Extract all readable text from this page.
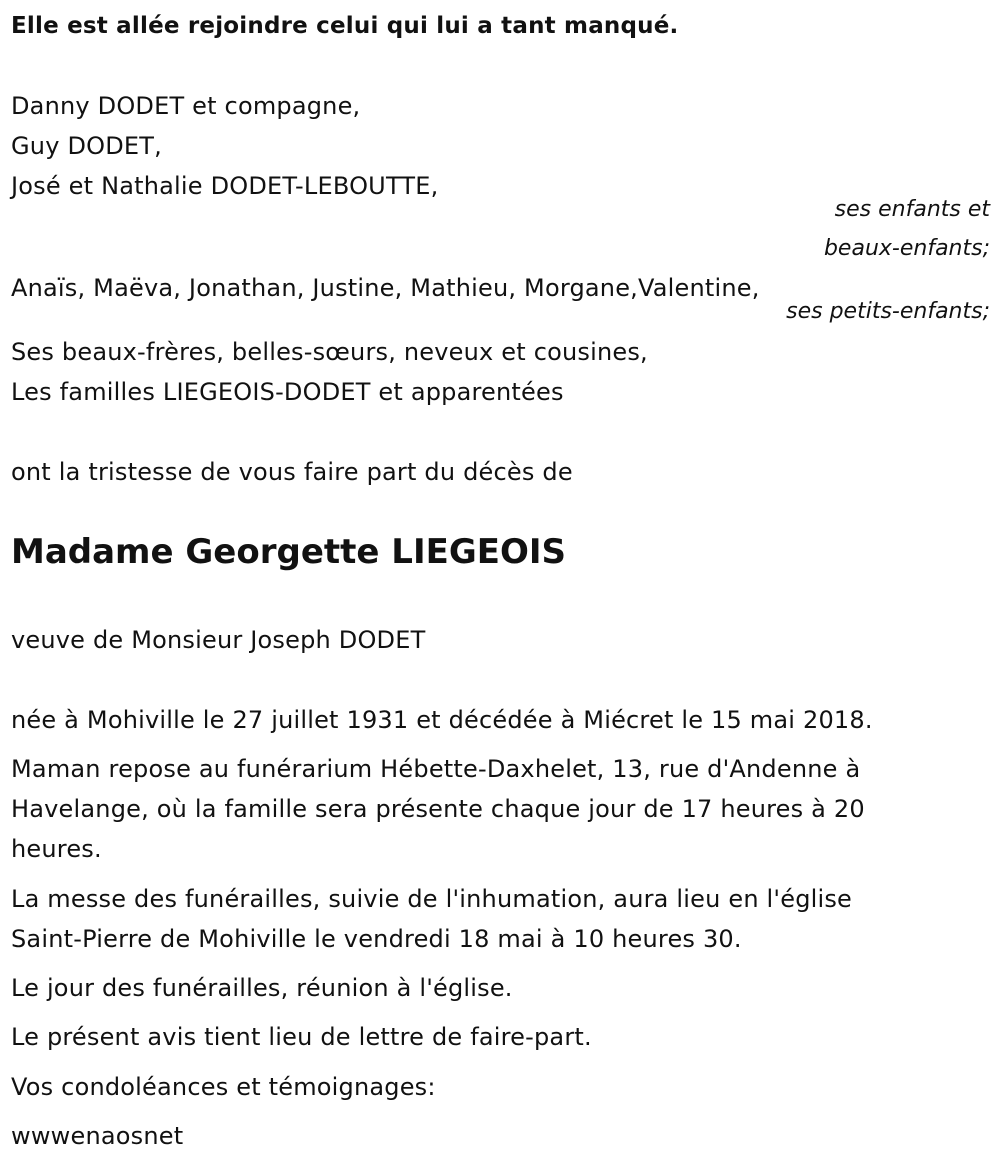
Elle est allée rejoindre celui qui lui a tant manqué.
Danny DODET et compagne,
Guy DODET,
José et Nathalie DODET-LEBOUTTE,
ses enfants et
beaux-enfants;
Anaïs, Maëva, Jonathan, Justine, Mathieu, Morgane,Valentine,
ses petits-enfants;
Ses beaux-frères, belles-sœurs, neveux et cousines,
Les familles LIEGEOIS-DODET et apparentées
ont la tristesse de vous faire part du décès de
Madame Georgette LIEGEOIS
veuve de Monsieur Joseph DODET
née à Mohiville le 27 juillet 1931 et décédée à Miécret le 15 mai 2018.
Maman repose au funérarium Hébette-Daxhelet, 13, rue d'Andenne à
Havelange, où la famille sera présente chaque jour de 17 heures à 20
heures.
La messe des funérailles, suivie de l'inhumation, aura lieu en l'église
Saint-Pierre de Mohiville le vendredi 18 mai à 10 heures 30.
Le jour des funérailles, réunion à l'église.
Le présent avis tient lieu de lettre de faire-part.
Vos condoléances et témoignages:
wwwenaosnet
